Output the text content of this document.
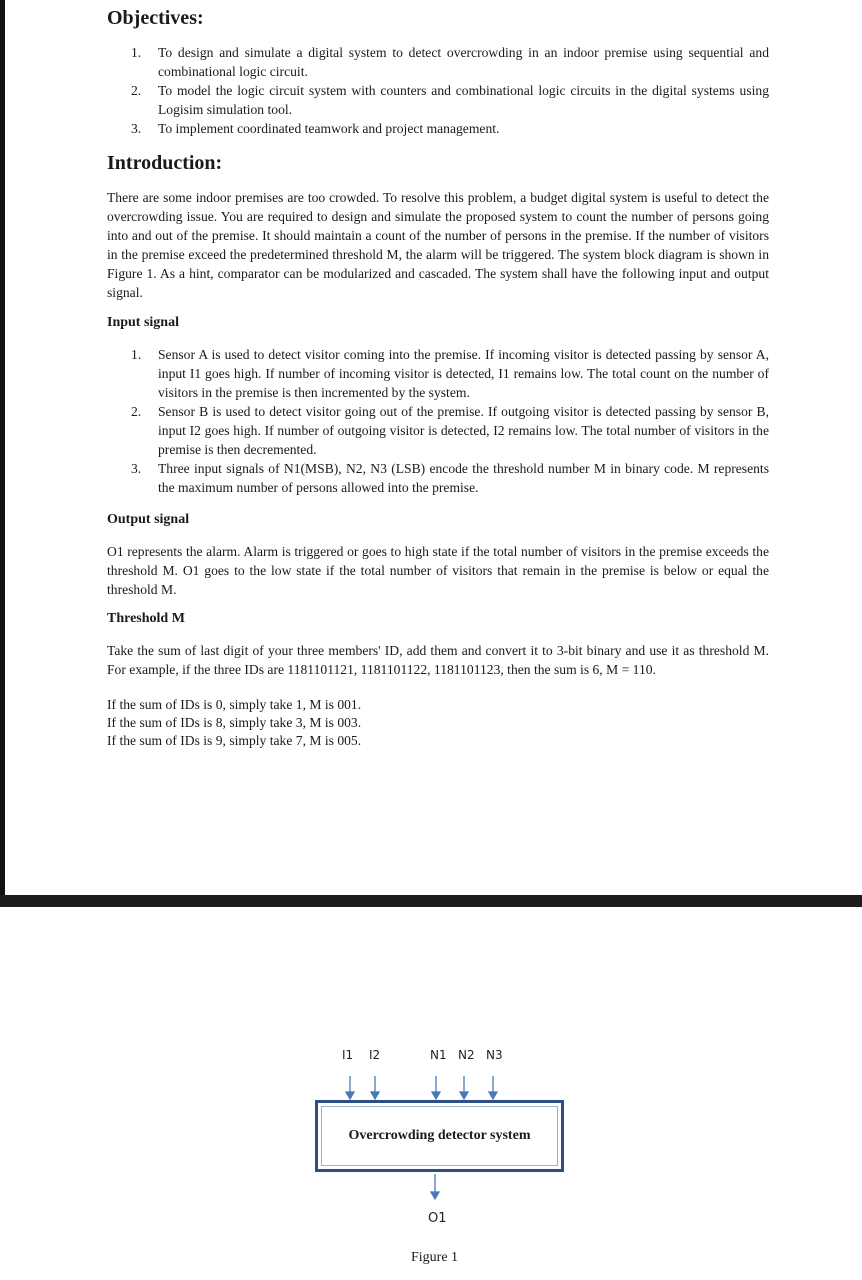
Objectives:
1. To design and simulate a digital system to detect overcrowding in an indoor premise using sequential and combinational logic circuit.
2. To model the logic circuit system with counters and combinational logic circuits in the digital systems using Logisim simulation tool.
3. To implement coordinated teamwork and project management.
Introduction:
There are some indoor premises are too crowded. To resolve this problem, a budget digital system is useful to detect the overcrowding issue. You are required to design and simulate the proposed system to count the number of persons going into and out of the premise. It should maintain a count of the number of persons in the premise. If the number of visitors in the premise exceed the predetermined threshold M, the alarm will be triggered. The system block diagram is shown in Figure 1. As a hint, comparator can be modularized and cascaded. The system shall have the following input and output signal.
Input signal
1. Sensor A is used to detect visitor coming into the premise. If incoming visitor is detected passing by sensor A, input I1 goes high. If number of incoming visitor is detected, I1 remains low. The total count on the number of visitors in the premise is then incremented by the system.
2. Sensor B is used to detect visitor going out of the premise. If outgoing visitor is detected passing by sensor B, input I2 goes high. If number of outgoing visitor is detected, I2 remains low. The total number of visitors in the premise is then decremented.
3. Three input signals of N1(MSB), N2, N3 (LSB) encode the threshold number M in binary code. M represents the maximum number of persons allowed into the premise.
Output signal
O1 represents the alarm. Alarm is triggered or goes to high state if the total number of visitors in the premise exceeds the threshold M. O1 goes to the low state if the total number of visitors that remain in the premise is below or equal the threshold M.
Threshold M
Take the sum of last digit of your three members' ID, add them and convert it to 3-bit binary and use it as threshold M. For example, if the three IDs are 1181101121, 1181101122, 1181101123, then the sum is 6, M = 110.
If the sum of IDs is 0, simply take 1, M is 001.
If the sum of IDs is 8, simply take 3, M is 003.
If the sum of IDs is 9, simply take 7, M is 005.
I1 I2	N1 N2 N3
Overcrowding detector system
O1
Figure 1
